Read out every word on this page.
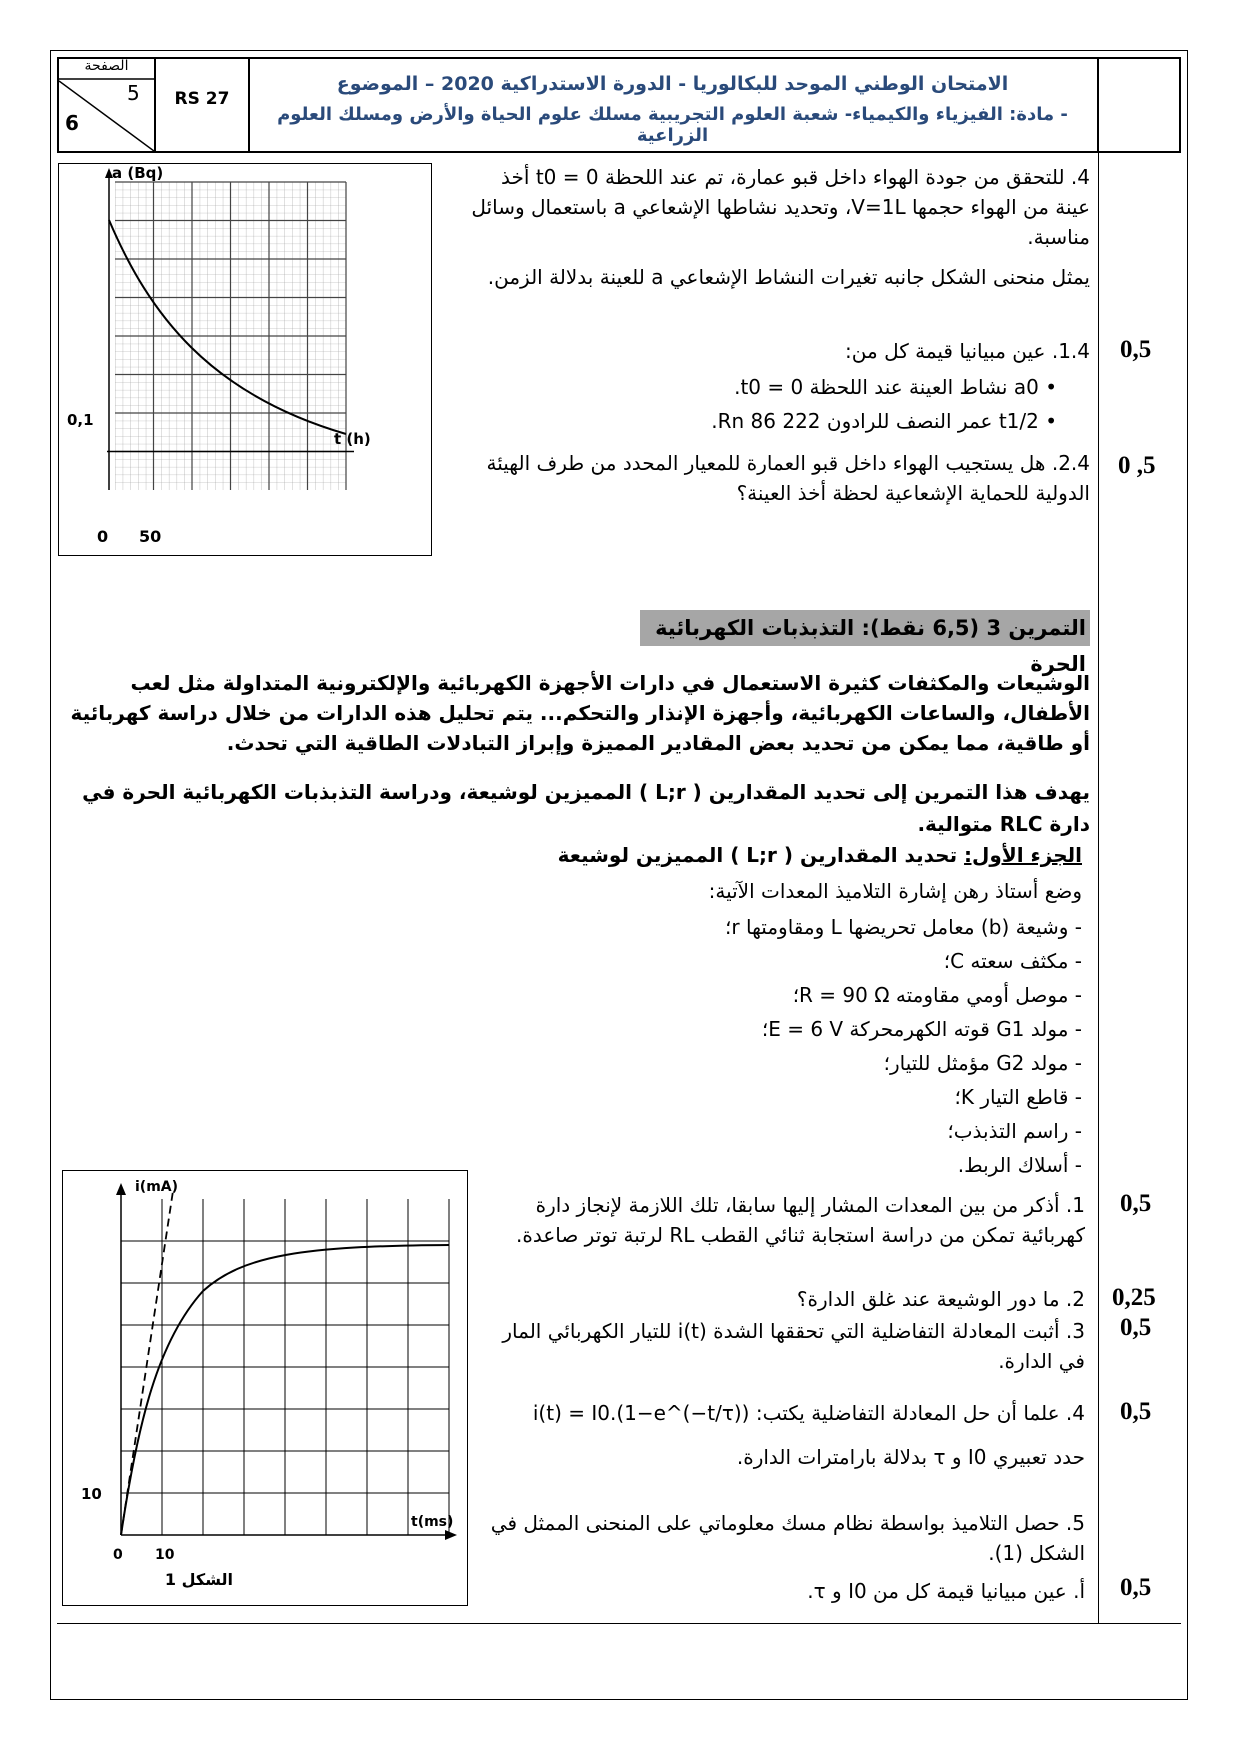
الصفحة
5
6
RS 27
الامتحان الوطني الموحد للبكالوريا - الدورة الاستدراكية 2020 – الموضوع
- مادة: الفيزياء والكيمياء- شعبة العلوم التجريبية مسلك علوم الحياة والأرض ومسلك العلوم الزراعية
a (Bq)
t (h)
0,1
0 50
4. للتحقق من جودة الهواء داخل قبو عمارة، تم عند اللحظة t0 = 0 أخذ عينة من الهواء حجمها V=1L، وتحديد نشاطها الإشعاعي a باستعمال وسائل مناسبة.
يمثل منحنى الشكل جانبه تغيرات النشاط الإشعاعي a للعينة بدلالة الزمن.
1.4. عين مبيانيا قيمة كل من:
• a0 نشاط العينة عند اللحظة t0 = 0.
• t1/2 عمر النصف للرادون 222 86 Rn.
2.4. هل يستجيب الهواء داخل قبو العمارة للمعيار المحدد من طرف الهيئة الدولية للحماية الإشعاعية لحظة أخذ العينة؟
0,5
0 ,5
التمرين 3 (6,5 نقط): التذبذبات الكهربائية الحرة
الوشيعات والمكثفات كثيرة الاستعمال في دارات الأجهزة الكهربائية والإلكترونية المتداولة مثل لعب الأطفال، والساعات الكهربائية، وأجهزة الإنذار والتحكم... يتم تحليل هذه الدارات من خلال دراسة كهربائية أو طاقية، مما يمكن من تحديد بعض المقادير المميزة وإبراز التبادلات الطاقية التي تحدث.
يهدف هذا التمرين إلى تحديد المقدارين ( L;r ) المميزين لوشيعة، ودراسة التذبذبات الكهربائية الحرة في دارة RLC متوالية.
الجزء الأول: تحديد المقدارين ( L;r ) المميزين لوشيعة
وضع أستاذ رهن إشارة التلاميذ المعدات الآتية:
- وشيعة (b) معامل تحريضها L ومقاومتها r؛
- مكثف سعته C؛
- موصل أومي مقاومته R = 90 Ω؛
- مولد G1 قوته الكهرمحركة E = 6 V؛
- مولد G2 مؤمثل للتيار؛
- قاطع التيار K؛
- راسم التذبذب؛
- أسلاك الربط.
i(mA)
t(ms)
10
0 10
الشكل 1
1. أذكر من بين المعدات المشار إليها سابقا، تلك اللازمة لإنجاز دارة كهربائية تمكن من دراسة استجابة ثنائي القطب RL لرتبة توتر صاعدة.
0,5
2. ما دور الوشيعة عند غلق الدارة؟ 0,25
3. أثبت المعادلة التفاضلية التي تحققها الشدة i(t) للتيار الكهربائي المار في الدارة.
0,5
4. علما أن حل المعادلة التفاضلية يكتب: i(t) = I0.(1−e^(−t/τ)) 0,5
حدد تعبيري I0 و τ بدلالة بارامترات الدارة.
5. حصل التلاميذ بواسطة نظام مسك معلوماتي على المنحنى الممثل في الشكل (1).
أ. عين مبيانيا قيمة كل من I0 و τ. 0,5
